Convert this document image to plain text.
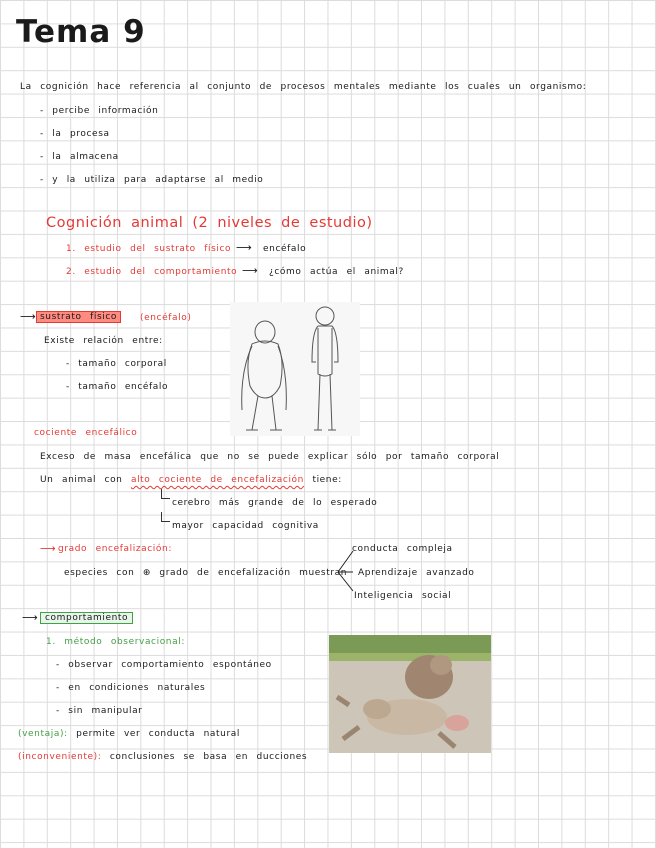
Tema 9
La cognición hace referencia al conjunto de procesos mentales mediante los cuales un organismo:
- percibe información
- la procesa
- la almacena
- y la utiliza para adaptarse al medio
Cognición animal (2 niveles de estudio)
1. estudio del sustrato físico ⟶ encéfalo
2. estudio del comportamiento ⟶ ¿cómo actúa el animal?
⟶ sustrato físico	(encéfalo)
Existe relación entre:
- tamaño corporal
- tamaño encéfalo
cociente encefálico
Exceso de masa encefálica que no se puede explicar sólo por tamaño corporal
Un animal con alto cociente de encefalización tiene:
cerebro más grande de lo esperado
mayor capacidad cognitiva
⟶ grado encefalización:
especies con ⊕ grado de encefalización muestran
conducta compleja
Aprendizaje avanzado
Inteligencia social
⟶ comportamiento
1. método observacional:
- observar comportamiento espontáneo
- en condiciones naturales
- sin manipular
(ventaja): permite ver conducta natural
(inconveniente): conclusiones se basa en ducciones
